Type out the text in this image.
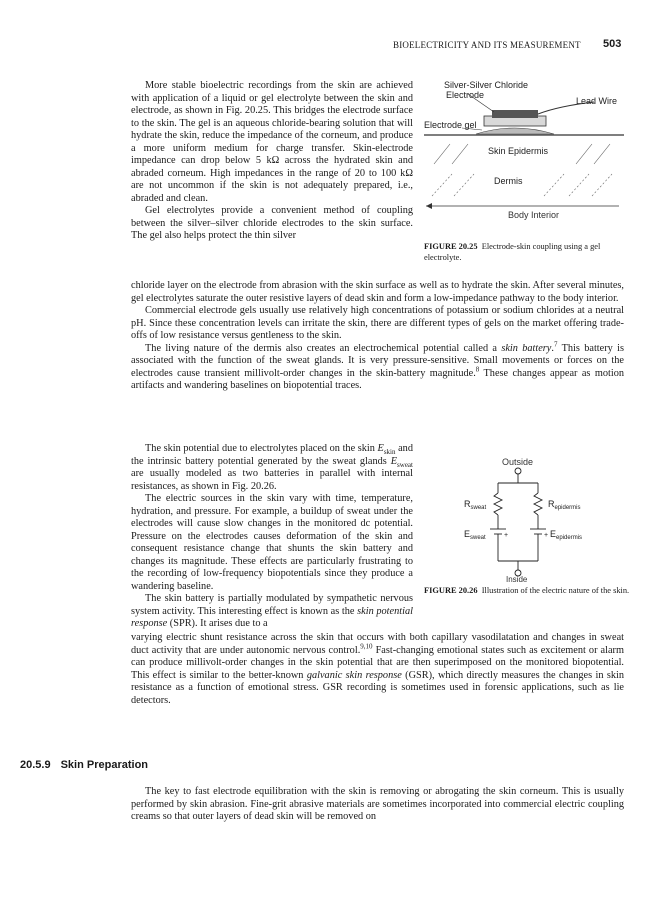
BIOELECTRICITY AND ITS MEASUREMENT 503

More stable bioelectric recordings from the skin are achieved with application of a liquid or gel electrolyte between the skin and electrode, as shown in Fig. 20.25. This bridges the electrode surface to the skin. The gel is an aqueous chloride-bearing solution that will hydrate the skin, reduce the impedance of the corneum, and produce a more uniform medium for charge transfer. Skin-electrode impedance can drop below 5 kΩ across the hydrated skin and abraded corneum. High impedances in the range of 20 to 100 kΩ are not uncommon if the skin is not adequately prepared, i.e., abraded and clean.

Gel electrolytes provide a convenient method of coupling between the silver–silver chloride electrodes to the skin surface. The gel also helps protect the thin silver

Silver-Silver Chloride
Electrode
Lead Wire
Electrode gel
Skin Epidermis
Dermis
Body Interior
FIGURE 20.25 Electrode-skin coupling using a gel electrolyte.

chloride layer on the electrode from abrasion with the skin surface as well as to hydrate the skin. After several minutes, gel electrolytes saturate the outer resistive layers of dead skin and form a low-impedance pathway to the body interior.

Commercial electrode gels usually use relatively high concentrations of potassium or sodium chlorides at a neutral pH. Since these concentration levels can irritate the skin, there are different types of gels on the market offering trade-offs of low resistance versus gentleness to the skin.

The living nature of the dermis also creates an electrochemical potential called a skin battery.$^7$ This battery is associated with the function of the sweat glands. It is very pressure-sensitive. Small movements or forces on the electrodes cause transient millivolt-order changes in the skin-battery magnitude.$^8$ These changes appear as motion artifacts and wandering baselines on biopotential traces.

The skin potential due to electrolytes placed on the skin $E_{skin}$ and the intrinsic battery potential generated by the sweat glands $E_{sweat}$ are usually modeled as two batteries in parallel with internal resistances, as shown in Fig. 20.26.

The electric sources in the skin vary with time, temperature, hydration, and pressure. For example, a buildup of sweat under the electrodes will cause slow changes in the monitored dc potential. Pressure on the electrodes causes deformation of the skin and consequent resistance change that shunts the skin battery and changes its magnitude. These effects are particularly frustrating to the recording of low-frequency biopotentials since they produce a wandering baseline.

The skin battery is partially modulated by sympathetic nervous system activity. This interesting effect is known as the skin potential response (SPR). It arises due to a

+	+
Outside
$R_{sweat}$	$R_{epidermis}$
$E_{sweat}$	$E_{epidermis}$
Inside
FIGURE 20.26 Illustration of the electric nature of the skin.

varying electric shunt resistance across the skin that occurs with both capillary vasodilatation and changes in sweat duct activity that are under autonomic nervous control.$^{9,10}$ Fast-changing emotional states such as excitement or alarm can produce millivolt-order changes in the skin potential that are then superimposed on the monitored biopotential. This effect is similar to the better-known galvanic skin response (GSR), which directly measures the changes in skin resistance as a function of emotional stress. GSR recording is sometimes used in forensic applications, such as lie detectors.

20.5.9 Skin Preparation

The key to fast electrode equilibration with the skin is removing or abrogating the skin corneum. This is usually performed by skin abrasion. Fine-grit abrasive materials are sometimes incorporated into commercial electric coupling creams so that outer layers of dead skin will be removed on
